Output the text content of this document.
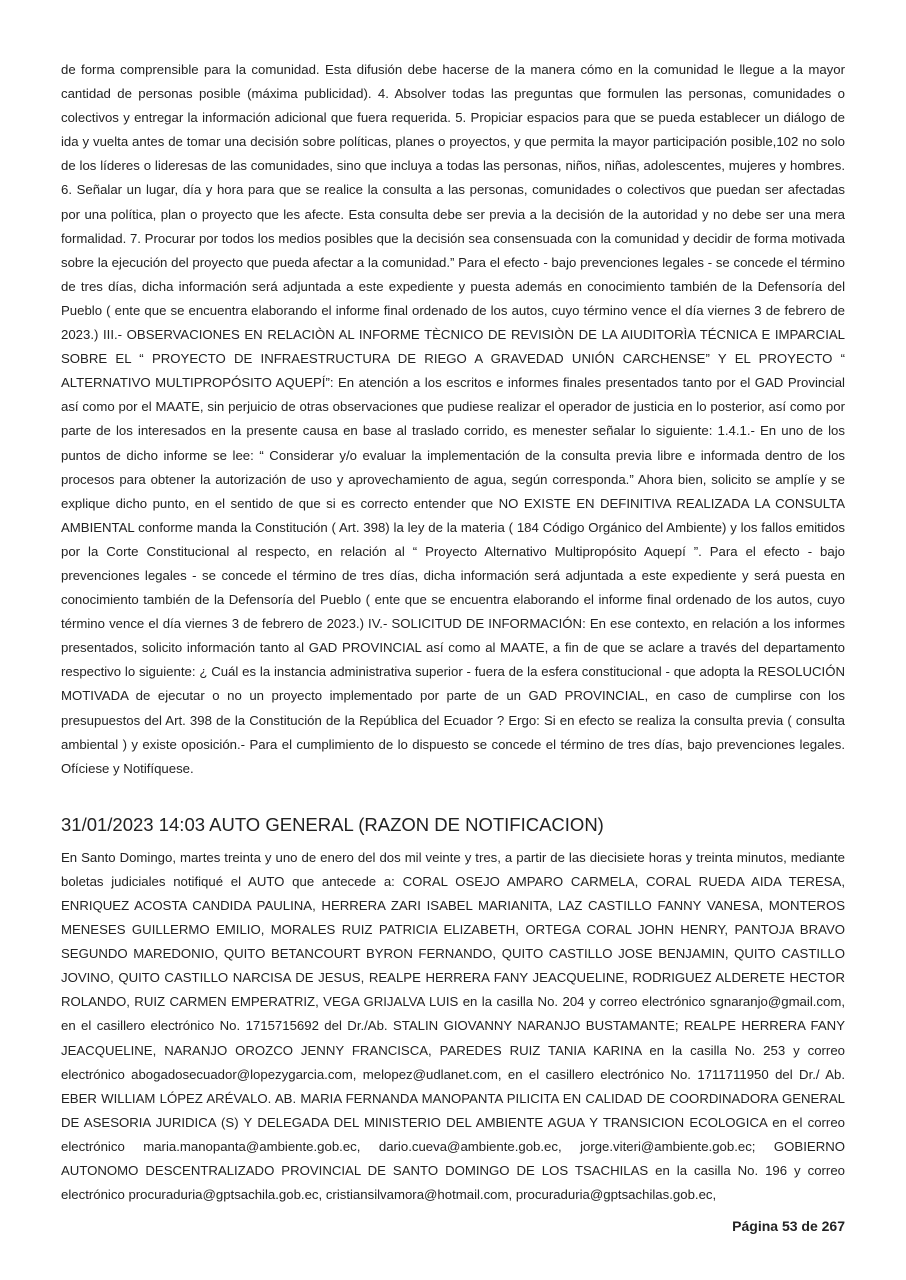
de forma comprensible para la comunidad. Esta difusión debe hacerse de la manera cómo en la comunidad le llegue a la mayor cantidad de personas posible (máxima publicidad). 4. Absolver todas las preguntas que formulen las personas, comunidades o colectivos y entregar la información adicional que fuera requerida. 5. Propiciar espacios para que se pueda establecer un diálogo de ida y vuelta antes de tomar una decisión sobre políticas, planes o proyectos, y que permita la mayor participación posible,102 no solo de los líderes o lideresas de las comunidades, sino que incluya a todas las personas, niños, niñas, adolescentes, mujeres y hombres. 6. Señalar un lugar, día y hora para que se realice la consulta a las personas, comunidades o colectivos que puedan ser afectadas por una política, plan o proyecto que les afecte. Esta consulta debe ser previa a la decisión de la autoridad y no debe ser una mera formalidad. 7. Procurar por todos los medios posibles que la decisión sea consensuada con la comunidad y decidir de forma motivada sobre la ejecución del proyecto que pueda afectar a la comunidad.” Para el efecto - bajo prevenciones legales - se concede el término de tres días, dicha información será adjuntada a este expediente y puesta además en conocimiento también de la Defensoría del Pueblo ( ente que se encuentra elaborando el informe final ordenado de los autos, cuyo término vence el día viernes 3 de febrero de 2023.) III.- OBSERVACIONES EN RELACIÒN AL INFORME TÈCNICO DE REVISIÒN DE LA AIUDITORÌA TÉCNICA E IMPARCIAL SOBRE EL “ PROYECTO DE INFRAESTRUCTURA DE RIEGO A GRAVEDAD UNIÓN CARCHENSE” Y EL PROYECTO “ ALTERNATIVO MULTIPROPÓSITO AQUEPÍ”: En atención a los escritos e informes finales presentados tanto por el GAD Provincial así como por el MAATE, sin perjuicio de otras observaciones que pudiese realizar el operador de justicia en lo posterior, así como por parte de los interesados en la presente causa en base al traslado corrido, es menester señalar lo siguiente: 1.4.1.- En uno de los puntos de dicho informe se lee: “ Considerar y/o evaluar la implementación de la consulta previa libre e informada dentro de los procesos para obtener la autorización de uso y aprovechamiento de agua, según corresponda.” Ahora bien, solicito se amplíe y se explique dicho punto, en el sentido de que si es correcto entender que NO EXISTE EN DEFINITIVA REALIZADA LA CONSULTA AMBIENTAL conforme manda la Constitución ( Art. 398) la ley de la materia ( 184 Código Orgánico del Ambiente) y los fallos emitidos por la Corte Constitucional al respecto, en relación al “ Proyecto Alternativo Multipropósito Aquepí ”. Para el efecto - bajo prevenciones legales - se concede el término de tres días, dicha información será adjuntada a este expediente y será puesta en conocimiento también de la Defensoría del Pueblo ( ente que se encuentra elaborando el informe final ordenado de los autos, cuyo término vence el día viernes 3 de febrero de 2023.) IV.- SOLICITUD DE INFORMACIÓN: En ese contexto, en relación a los informes presentados, solicito información tanto al GAD PROVINCIAL así como al MAATE, a fin de que se aclare a través del departamento respectivo lo siguiente: ¿ Cuál es la instancia administrativa superior - fuera de la esfera constitucional - que adopta la RESOLUCIÓN MOTIVADA de ejecutar o no un proyecto implementado por parte de un GAD PROVINCIAL, en caso de cumplirse con los presupuestos del Art. 398 de la Constitución de la República del Ecuador ? Ergo: Si en efecto se realiza la consulta previa ( consulta ambiental ) y existe oposición.- Para el cumplimiento de lo dispuesto se concede el término de tres días, bajo prevenciones legales. Ofíciese y Notifíquese.

31/01/2023 14:03 AUTO GENERAL (RAZON DE NOTIFICACION)

En Santo Domingo, martes treinta y uno de enero del dos mil veinte y tres, a partir de las diecisiete horas y treinta minutos, mediante boletas judiciales notifiqué el AUTO que antecede a: CORAL OSEJO AMPARO CARMELA, CORAL RUEDA AIDA TERESA, ENRIQUEZ ACOSTA CANDIDA PAULINA, HERRERA ZARI ISABEL MARIANITA, LAZ CASTILLO FANNY VANESA, MONTEROS MENESES GUILLERMO EMILIO, MORALES RUIZ PATRICIA ELIZABETH, ORTEGA CORAL JOHN HENRY, PANTOJA BRAVO SEGUNDO MAREDONIO, QUITO BETANCOURT BYRON FERNANDO, QUITO CASTILLO JOSE BENJAMIN, QUITO CASTILLO JOVINO, QUITO CASTILLO NARCISA DE JESUS, REALPE HERRERA FANY JEACQUELINE, RODRIGUEZ ALDERETE HECTOR ROLANDO, RUIZ CARMEN EMPERATRIZ, VEGA GRIJALVA LUIS en la casilla No. 204 y correo electrónico sgnaranjo@gmail.com, en el casillero electrónico No. 1715715692 del Dr./Ab. STALIN GIOVANNY NARANJO BUSTAMANTE; REALPE HERRERA FANY JEACQUELINE, NARANJO OROZCO JENNY FRANCISCA, PAREDES RUIZ TANIA KARINA en la casilla No. 253 y correo electrónico abogadosecuador@lopezygarcia.com, melopez@udlanet.com, en el casillero electrónico No. 1711711950 del Dr./ Ab. EBER WILLIAM LÓPEZ ARÉVALO. AB. MARIA FERNANDA MANOPANTA PILICITA EN CALIDAD DE COORDINADORA GENERAL DE ASESORIA JURIDICA (S) Y DELEGADA DEL MINISTERIO DEL AMBIENTE AGUA Y TRANSICION ECOLOGICA en el correo electrónico maria.manopanta@ambiente.gob.ec, dario.cueva@ambiente.gob.ec, jorge.viteri@ambiente.gob.ec; GOBIERNO AUTONOMO DESCENTRALIZADO PROVINCIAL DE SANTO DOMINGO DE LOS TSACHILAS en la casilla No. 196 y correo electrónico procuraduria@gptsachila.gob.ec, cristiansilvamora@hotmail.com, procuraduria@gptsachilas.gob.ec,

Página 53 de 267
